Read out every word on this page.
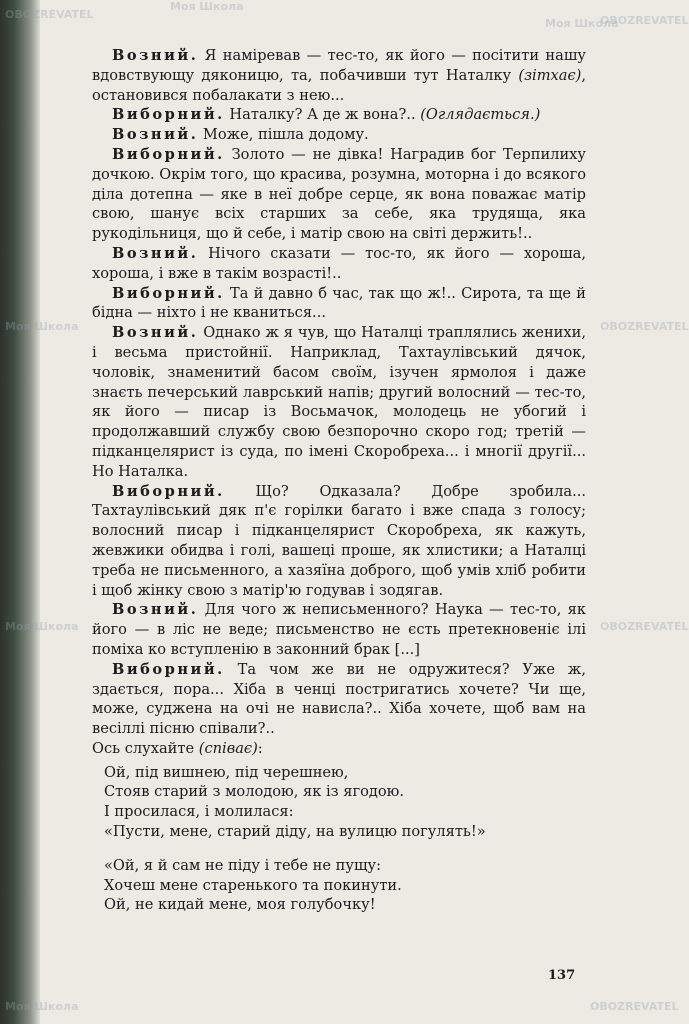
OBOZREVATEL
Моя Школа
OBOZREVATEL
Моя Школа
Моя Школа	OBOZREVATEL
Моя Школа	OBOZREVATEL
Моя Школа	OBOZREVATEL

Возний. Я наміревав — тес-то, як його — посітити нашу вдовствующу дяконицю, та, побачивши тут Наталку (зітхає), остановився побалакати з нею...

Виборний. Наталку? А де ж вона?.. (Оглядається.)

Возний. Може, пішла додому.

Виборний. Золото — не дівка! Наградив бог Терпилиху дочкою. Окрім того, що красива, розумна, моторна і до всякого діла дотепна — яке в неї добре серце, як вона поважає матір свою, шанує всіх старших за себе, яка трудяща, яка рукодільниця, що й себе, і матір свою на світі держить!..

Возний. Нічого сказати — тос-то, як його — хороша, хороша, і вже в такім возрасті!..

Виборний. Та й давно б час, так що ж!.. Сирота, та ще й бідна — ніхто і не кваниться...

Возний. Однако ж я чув, що Наталці траплялись женихи, і весьма пристойнії. Наприклад, Тахтаулівський дячок, чоловік, знаменитий басом своїм, ізучен ярмолоя і даже знаєть печерський лаврський напів; другий волосний — тес-то, як його — писар із Восьмачок, молодець не убогий і продолжавший службу свою безпорочно скоро год; третій — підканцелярист із суда, по імені Скоробреха... і многії другії... Но Наталка.

Виборний. Що? Одказала? Добре зробила... Тахтаулівський дяк п'є горілки багато і вже спада з голосу; волосний писар і підканцелярист Скоробреха, як кажуть, жевжики обидва і голі, вашеці проше, як хлистики; а Наталці треба не письменного, а хазяїна доброго, щоб умів хліб робити і щоб жінку свою з матір'ю годував і зодягав.

Возний. Для чого ж неписьменного? Наука — тес-то, як його — в ліс не веде; письменство не єсть претекновеніє ілі поміха ко вступленію в законний брак [...]

Виборний. Та чом же ви не одружитеся? Уже ж, здається, пора... Хіба в ченці постригатись хочете? Чи ще, може, суджена на очі не нависла?.. Хіба хочете, щоб вам на весіллі пісню співали?..

Ось слухайте (співає):
Ой, під вишнею, під черешнею,
Стояв старий з молодою, як із ягодою.
І просилася, і молилася:
«Пусти, мене, старий діду, на вулицю погулять!»
«Ой, я й сам не піду і тебе не пущу:
Хочеш мене старенького та покинути.
Ой, не кидай мене, моя голубочку!
137
